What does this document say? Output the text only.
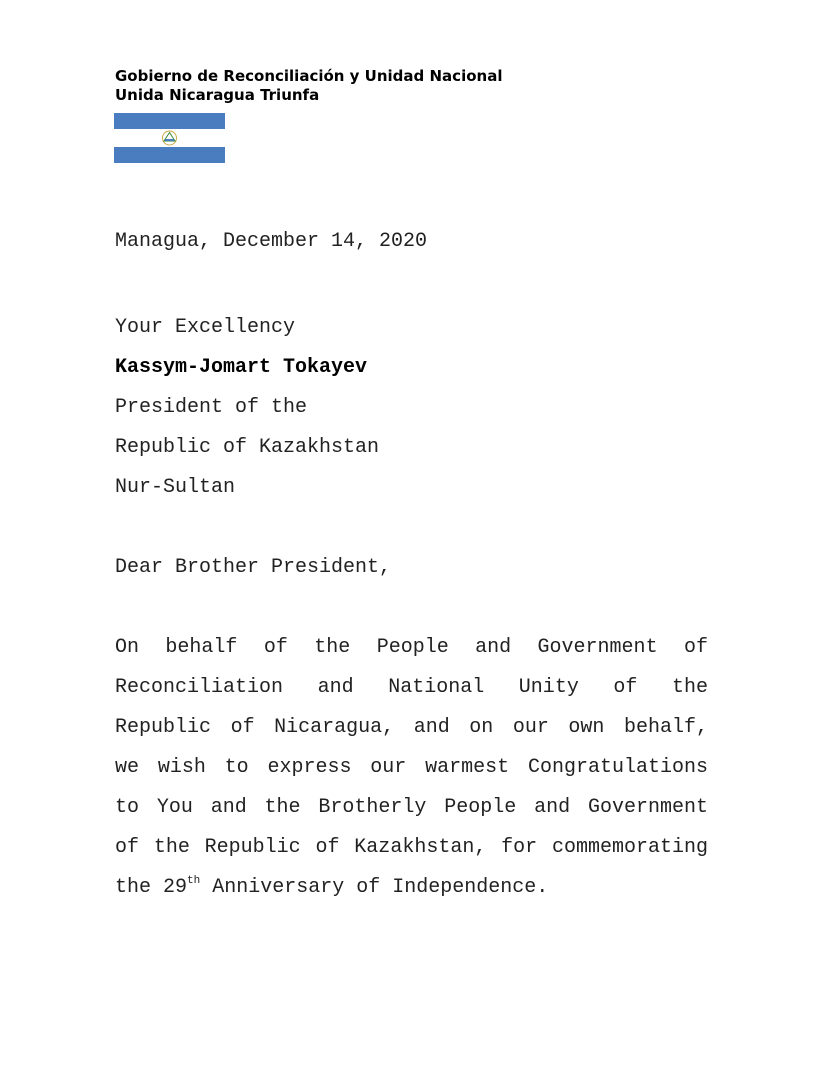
Gobierno de Reconciliación y Unidad Nacional
Unida Nicaragua Triunfa
Managua, December 14, 2020
Your Excellency
Kassym-Jomart Tokayev
President of the
Republic of Kazakhstan
Nur-Sultan
Dear Brother President,
On behalf of the People and Government of
Reconciliation and National Unity of the
Republic of Nicaragua, and on our own behalf,
we wish to express our warmest Congratulations
to You and the Brotherly People and Government
of the Republic of Kazakhstan, for commemorating
the 29th Anniversary of Independence.
